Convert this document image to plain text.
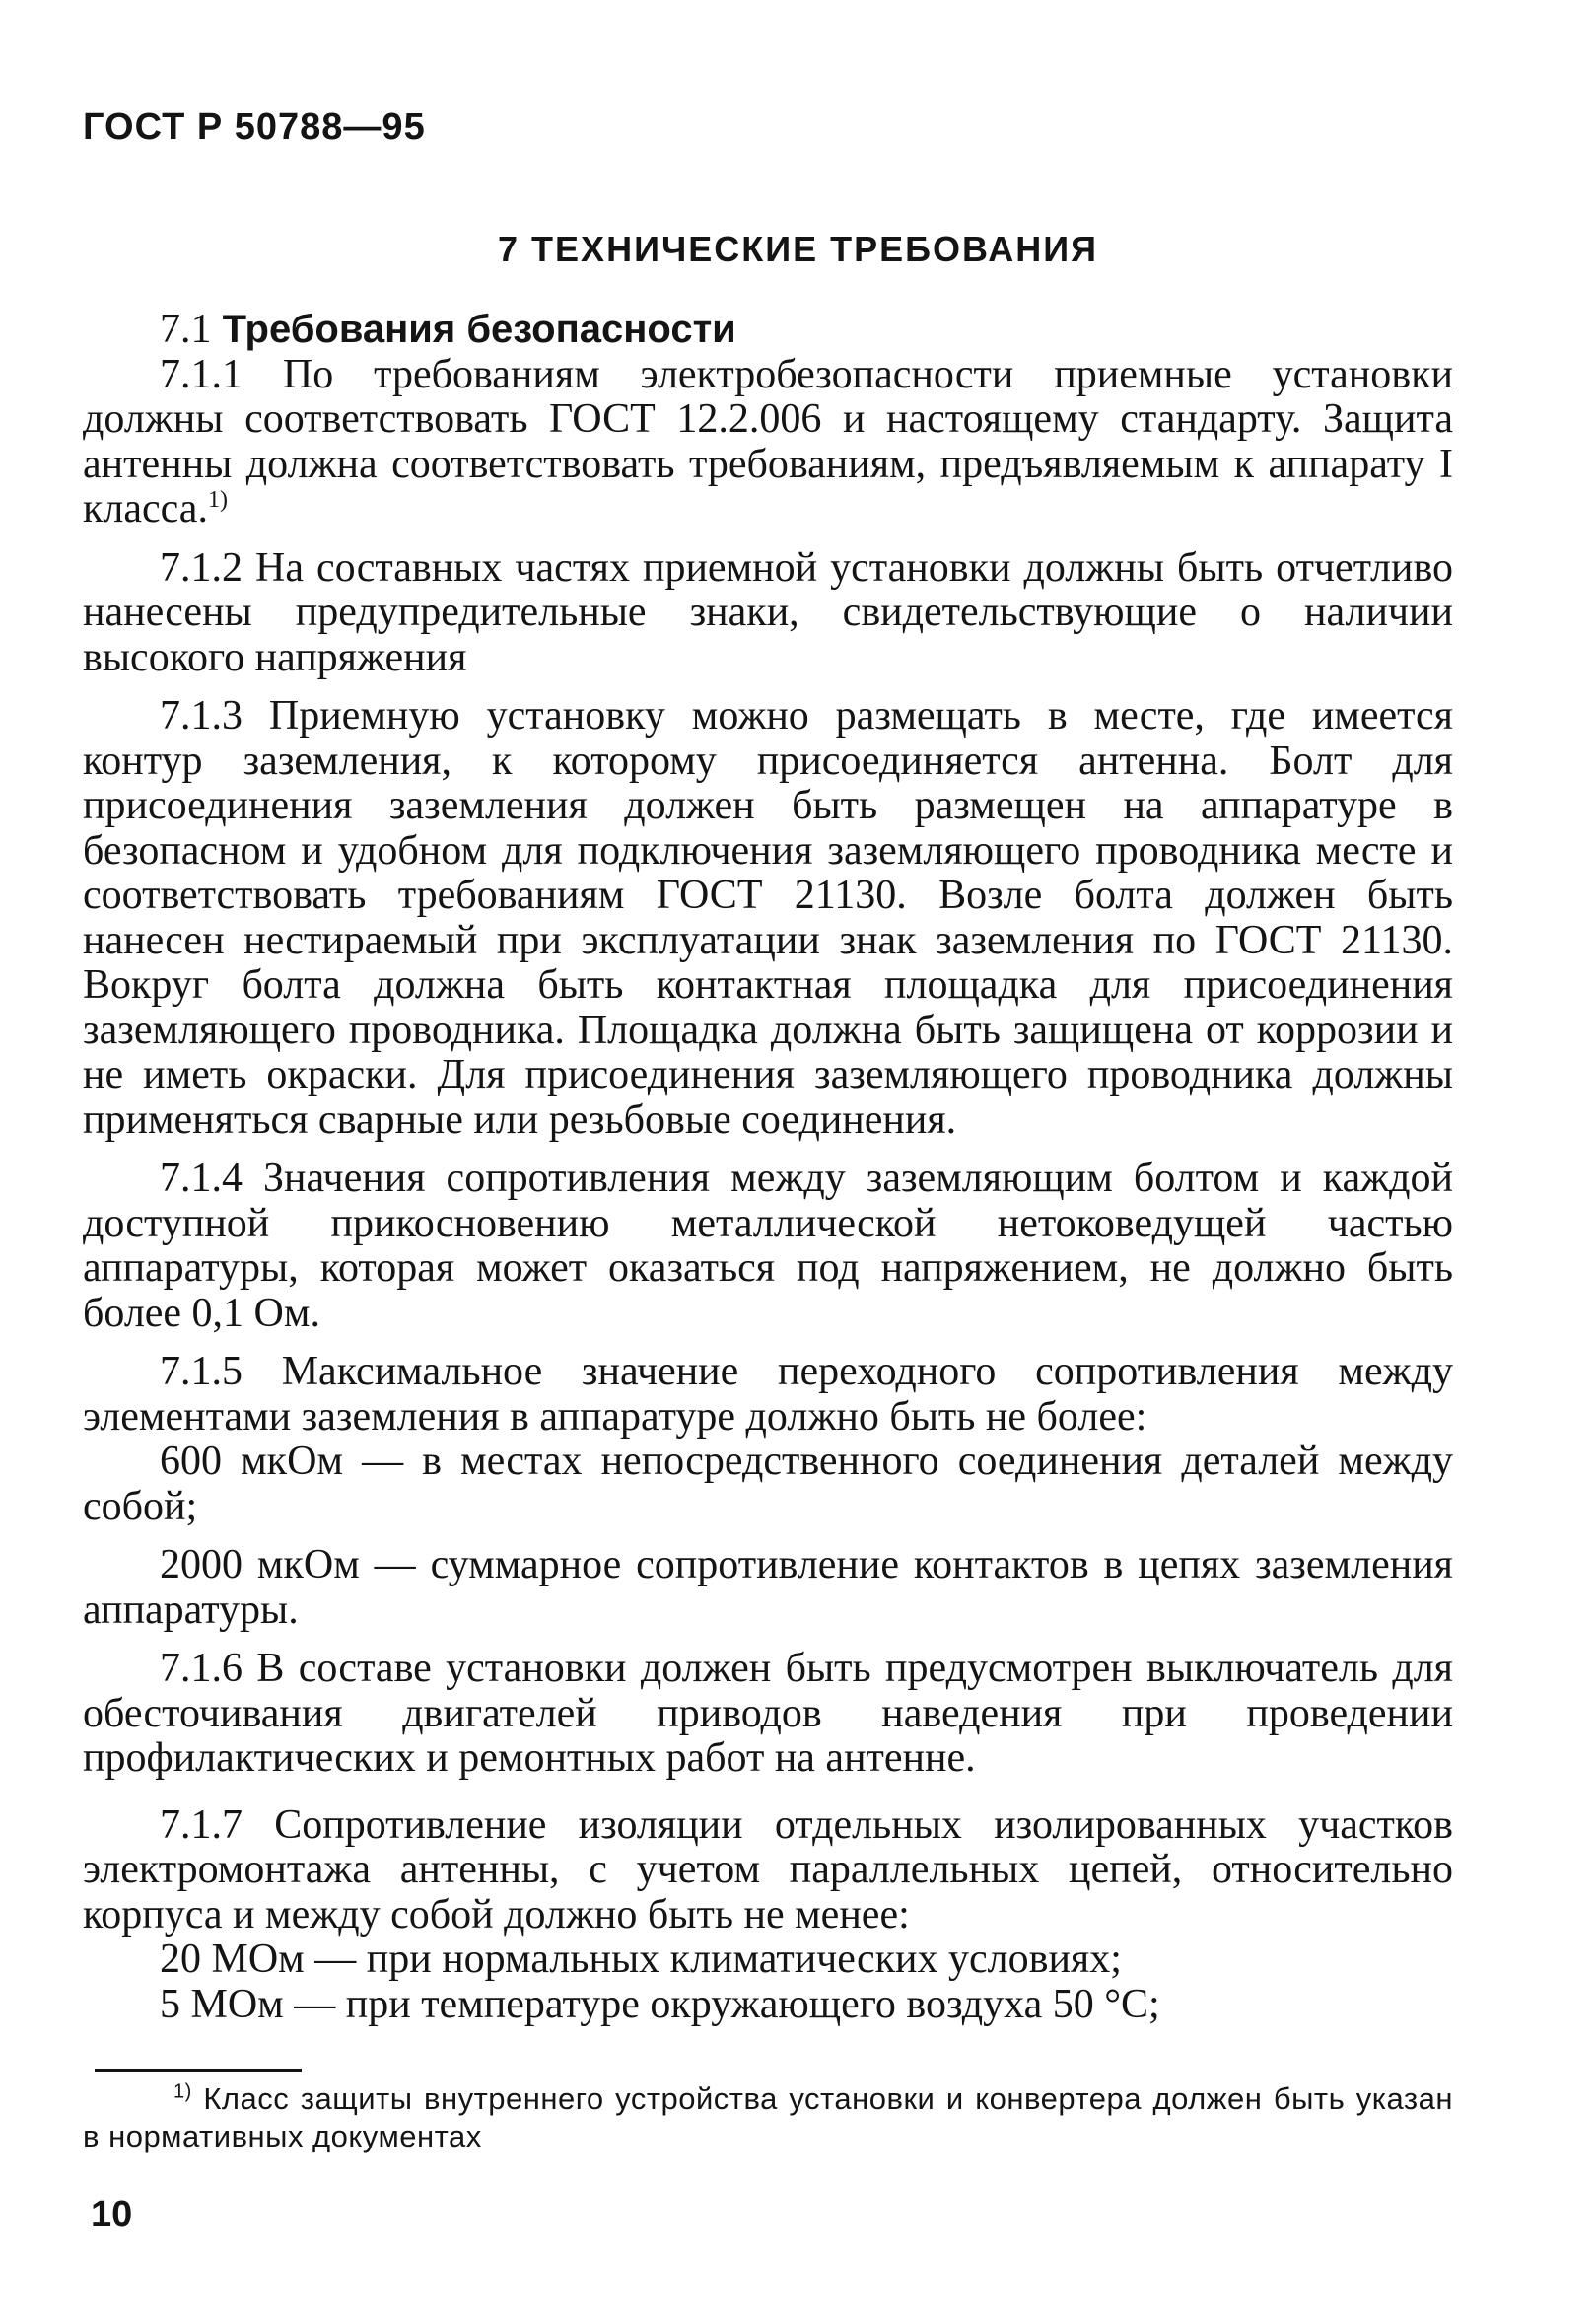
ГОСТ Р 50788—95
7 ТЕХНИЧЕСКИЕ ТРЕБОВАНИЯ

7.1 Требования безопасности

7.1.1 По требованиям электробезопасности приемные установки должны соответствовать ГОСТ 12.2.006 и настоящему стандарту. Защита антенны должна соответствовать требованиям, предъявляемым к аппарату I класса.$^{1)}$

7.1.2 На составных частях приемной установки должны быть отчетливо нанесены предупредительные знаки, свидетельствующие о наличии высокого напряжения

7.1.3 Приемную установку можно размещать в месте, где имеется контур заземления, к которому присоединяется антенна. Болт для присоединения заземления должен быть размещен на аппаратуре в безопасном и удобном для подключения заземляющего проводника месте и соответствовать требованиям ГОСТ 21130. Возле болта должен быть нанесен нестираемый при эксплуатации знак заземления по ГОСТ 21130. Вокруг болта должна быть контактная площадка для присоединения заземляющего проводника. Площадка должна быть защищена от коррозии и не иметь окраски. Для присоединения заземляющего проводника должны применяться сварные или резьбовые соединения.

7.1.4 Значения сопротивления между заземляющим болтом и каждой доступной прикосновению металлической нетоковедущей частью аппаратуры, которая может оказаться под напряжением, не должно быть более 0,1 Ом.

7.1.5 Максимальное значение переходного сопротивления между элементами заземления в аппаратуре должно быть не более:

600 мкОм — в местах непосредственного соединения деталей между собой;

2000 мкОм — суммарное сопротивление контактов в цепях заземления аппаратуры.

7.1.6 В составе установки должен быть предусмотрен выключатель для обесточивания двигателей приводов наведения при проведении профилактических и ремонтных работ на антенне.

7.1.7 Сопротивление изоляции отдельных изолированных участков электромонтажа антенны, с учетом параллельных цепей, относительно корпуса и между собой должно быть не менее:

20 МОм — при нормальных климатических условиях;

5 МОм — при температуре окружающего воздуха 50 °С;

$^{1)}$ Класс защиты внутреннего устройства установки и конвертера должен быть указан в нормативных документах

10
